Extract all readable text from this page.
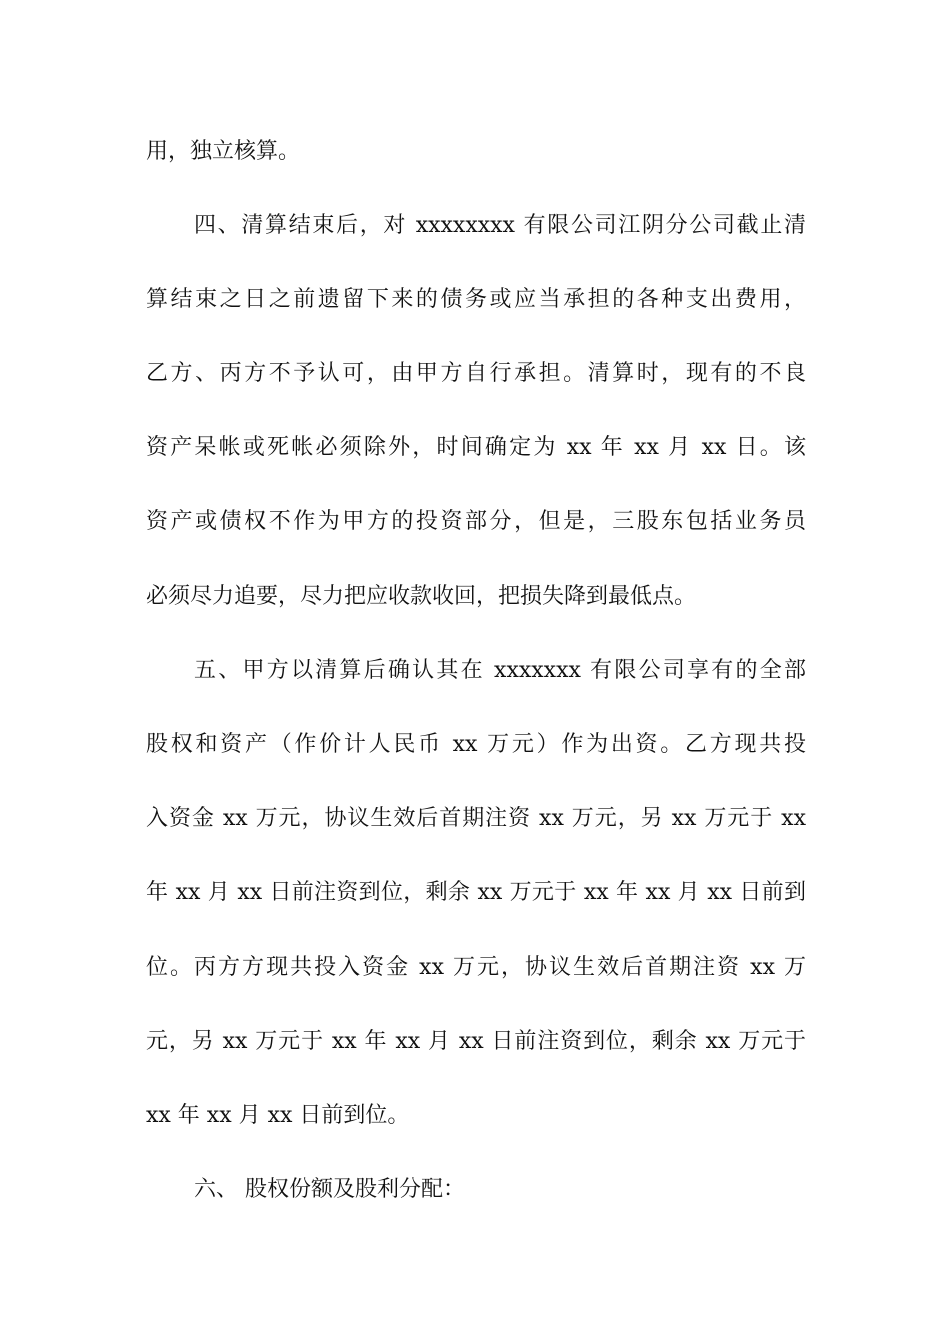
用，独立核算。
四、清算结束后，对 xxxxxxxx 有限公司江阴分公司截止清
算结束之日之前遗留下来的债务或应当承担的各种支出费用，
乙方、丙方不予认可，由甲方自行承担。清算时，现有的不良
资产呆帐或死帐必须除外，时间确定为 xx 年 xx 月 xx 日。该
资产或债权不作为甲方的投资部分，但是，三股东包括业务员
必须尽力追要，尽力把应收款收回，把损失降到最低点。
五、甲方以清算后确认其在 xxxxxxx 有限公司享有的全部
股权和资产（作价计人民币 xx 万元）作为出资。乙方现共投
入资金 xx 万元，协议生效后首期注资 xx 万元，另 xx 万元于 xx
年 xx 月 xx 日前注资到位，剩余 xx 万元于 xx 年 xx 月 xx 日前到
位。丙方方现共投入资金 xx 万元，协议生效后首期注资 xx 万
元，另 xx 万元于 xx 年 xx 月 xx 日前注资到位，剩余 xx 万元于
xx 年 xx 月 xx 日前到位。
六、 股权份额及股利分配：
